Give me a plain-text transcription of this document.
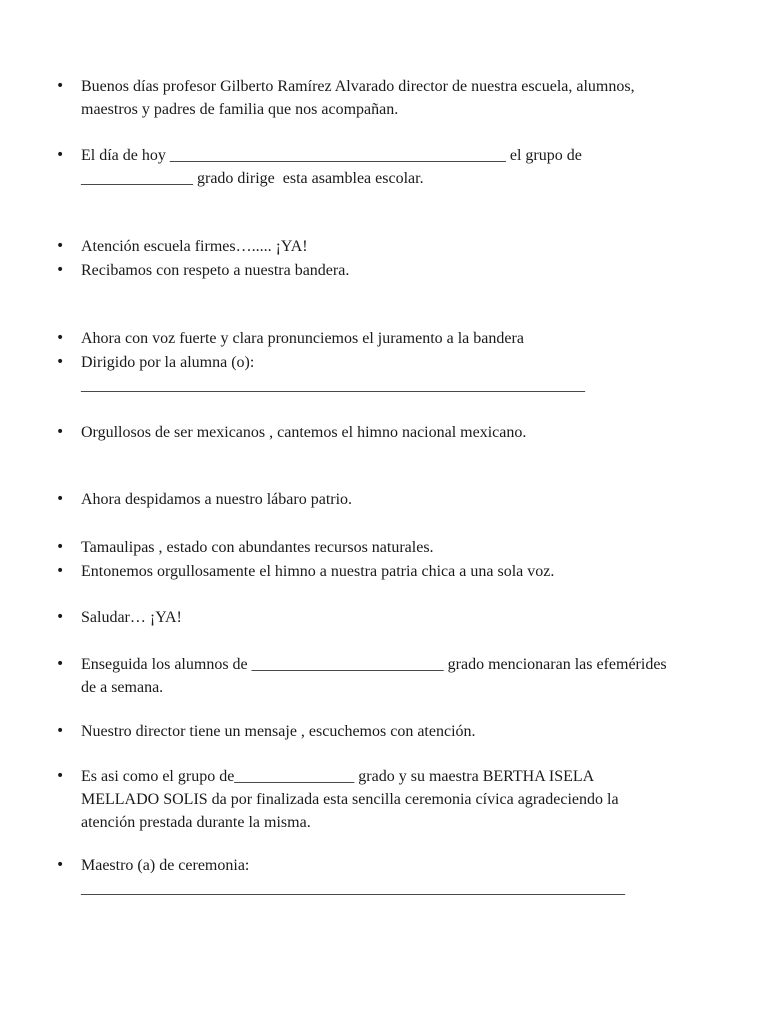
• Buenos días profesor Gilberto Ramírez Alvarado director de nuestra escuela, alumnos,
maestros y padres de familia que nos acompañan.
• El día de hoy __________________________________________ el grupo de
______________ grado dirige  esta asamblea escolar.
• Atención escuela firmes…..... ¡YA!
• Recibamos con respeto a nuestra bandera.
• Ahora con voz fuerte y clara pronunciemos el juramento a la bandera
• Dirigido por la alumna (o):
_______________________________________________________________
• Orgullosos de ser mexicanos , cantemos el himno nacional mexicano.
• Ahora despidamos a nuestro lábaro patrio.
• Tamaulipas , estado con abundantes recursos naturales.
• Entonemos orgullosamente el himno a nuestra patria chica a una sola voz.
• Saludar… ¡YA!
• Enseguida los alumnos de ________________________ grado mencionaran las efemérides
de a semana.
• Nuestro director tiene un mensaje , escuchemos con atención.
• Es asi como el grupo de_______________ grado y su maestra BERTHA ISELA
MELLADO SOLIS da por finalizada esta sencilla ceremonia cívica agradeciendo la
atención prestada durante la misma.
• Maestro (a) de ceremonia:
____________________________________________________________________
